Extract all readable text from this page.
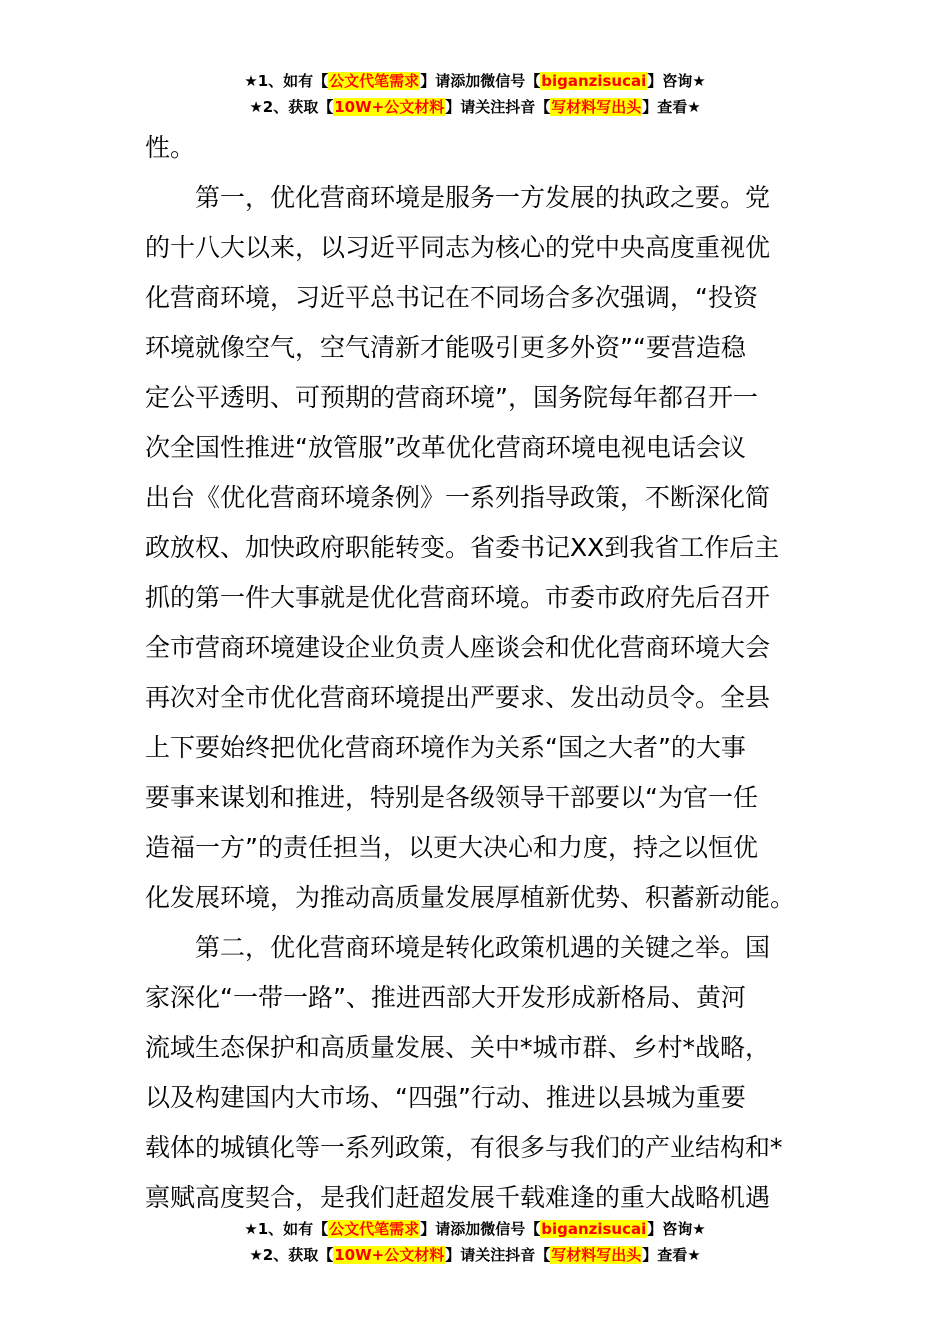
★1、如有【公文代笔需求】请添加微信号【biganzisucai】咨询★
★2、获取【10W+公文材料】请关注抖音【写材料写出头】查看★
性。
第一，优化营商环境是服务一方发展的执政之要。党
的十八大以来，以习近平同志为核心的党中央高度重视优
化营商环境，习近平总书记在不同场合多次强调，“投资
环境就像空气，空气清新才能吸引更多外资”“要营造稳
定公平透明、可预期的营商环境”，国务院每年都召开一
次全国性推进“放管服”改革优化营商环境电视电话会议
出台《优化营商环境条例》一系列指导政策，不断深化简
政放权、加快政府职能转变。省委书记XX到我省工作后主
抓的第一件大事就是优化营商环境。市委市政府先后召开
全市营商环境建设企业负责人座谈会和优化营商环境大会
再次对全市优化营商环境提出严要求、发出动员令。全县
上下要始终把优化营商环境作为关系“国之大者”的大事
要事来谋划和推进，特别是各级领导干部要以“为官一任
造福一方”的责任担当，以更大决心和力度，持之以恒优
化发展环境，为推动高质量发展厚植新优势、积蓄新动能。
第二，优化营商环境是转化政策机遇的关键之举。国
家深化“一带一路”、推进西部大开发形成新格局、黄河
流域生态保护和高质量发展、关中*城市群、乡村*战略，
以及构建国内大市场、“四强”行动、推进以县城为重要
载体的城镇化等一系列政策，有很多与我们的产业结构和*
禀赋高度契合，是我们赶超发展千载难逢的重大战略机遇
★1、如有【公文代笔需求】请添加微信号【biganzisucai】咨询★
★2、获取【10W+公文材料】请关注抖音【写材料写出头】查看★
